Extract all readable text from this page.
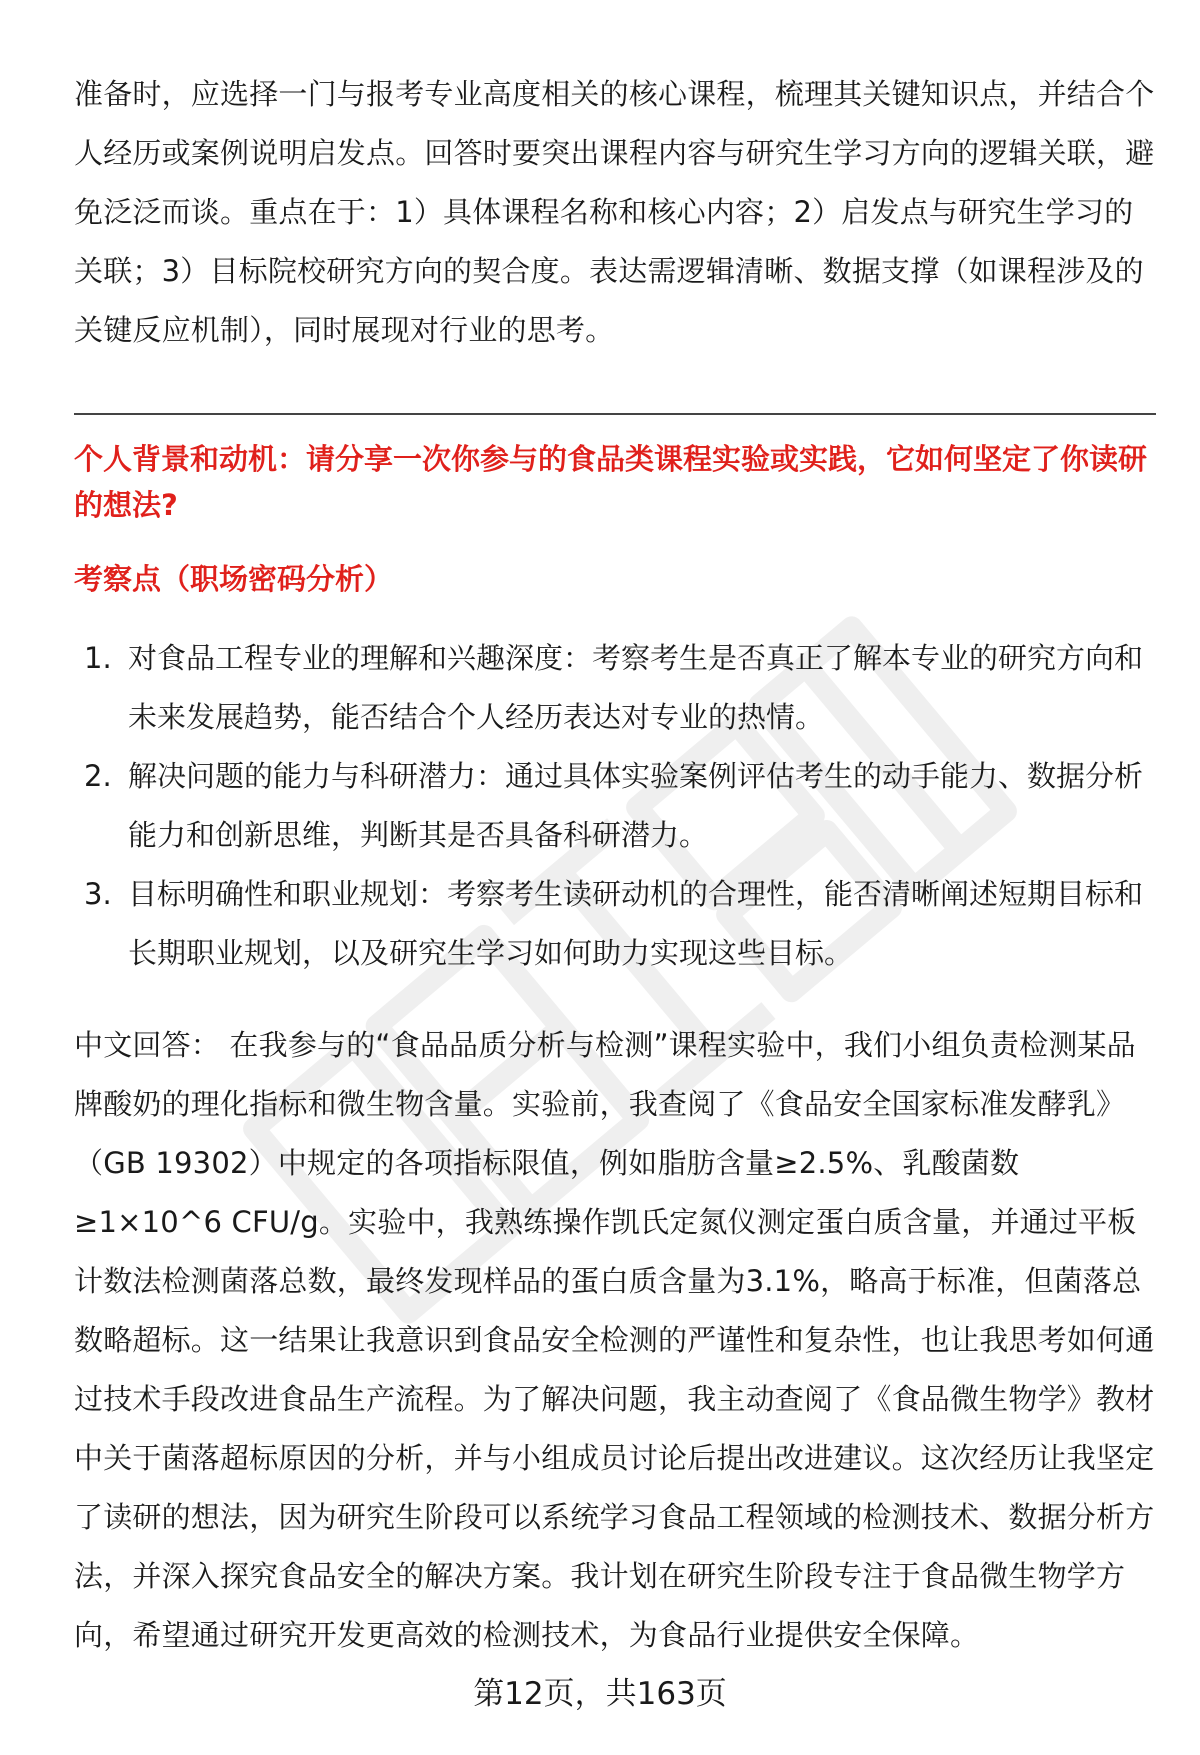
准备时，应选择一门与报考专业高度相关的核心课程，梳理其关键知识点，并结合个人经历或案例说明启发点。回答时要突出课程内容与研究生学习方向的逻辑关联，避免泛泛而谈。重点在于：1）具体课程名称和核心内容；2）启发点与研究生学习的关联；3）目标院校研究方向的契合度。表达需逻辑清晰、数据支撑（如课程涉及的关键反应机制），同时展现对行业的思考。

个人背景和动机：请分享一次你参与的食品类课程实验或实践，它如何坚定了你读研的想法?

考察点（职场密码分析）

1. 对食品工程专业的理解和兴趣深度：考察考生是否真正了解本专业的研究方向和未来发展趋势，能否结合个人经历表达对专业的热情。
2. 解决问题的能力与科研潜力：通过具体实验案例评估考生的动手能力、数据分析能力和创新思维，判断其是否具备科研潜力。
3. 目标明确性和职业规划：考察考生读研动机的合理性，能否清晰阐述短期目标和长期职业规划，以及研究生学习如何助力实现这些目标。

中文回答： 在我参与的“食品品质分析与检测”课程实验中，我们小组负责检测某品牌酸奶的理化指标和微生物含量。实验前，我查阅了《食品安全国家标准发酵乳》（GB 19302）中规定的各项指标限值，例如脂肪含量≥2.5%、乳酸菌数≥1×10^6 CFU/g。实验中，我熟练操作凯氏定氮仪测定蛋白质含量，并通过平板计数法检测菌落总数，最终发现样品的蛋白质含量为3.1%，略高于标准，但菌落总数略超标。这一结果让我意识到食品安全检测的严谨性和复杂性，也让我思考如何通过技术手段改进食品生产流程。为了解决问题，我主动查阅了《食品微生物学》教材中关于菌落超标原因的分析，并与小组成员讨论后提出改进建议。这次经历让我坚定了读研的想法，因为研究生阶段可以系统学习食品工程领域的检测技术、数据分析方法，并深入探究食品安全的解决方案。我计划在研究生阶段专注于食品微生物学方向，希望通过研究开发更高效的检测技术，为食品行业提供安全保障。

第12页，共163页
